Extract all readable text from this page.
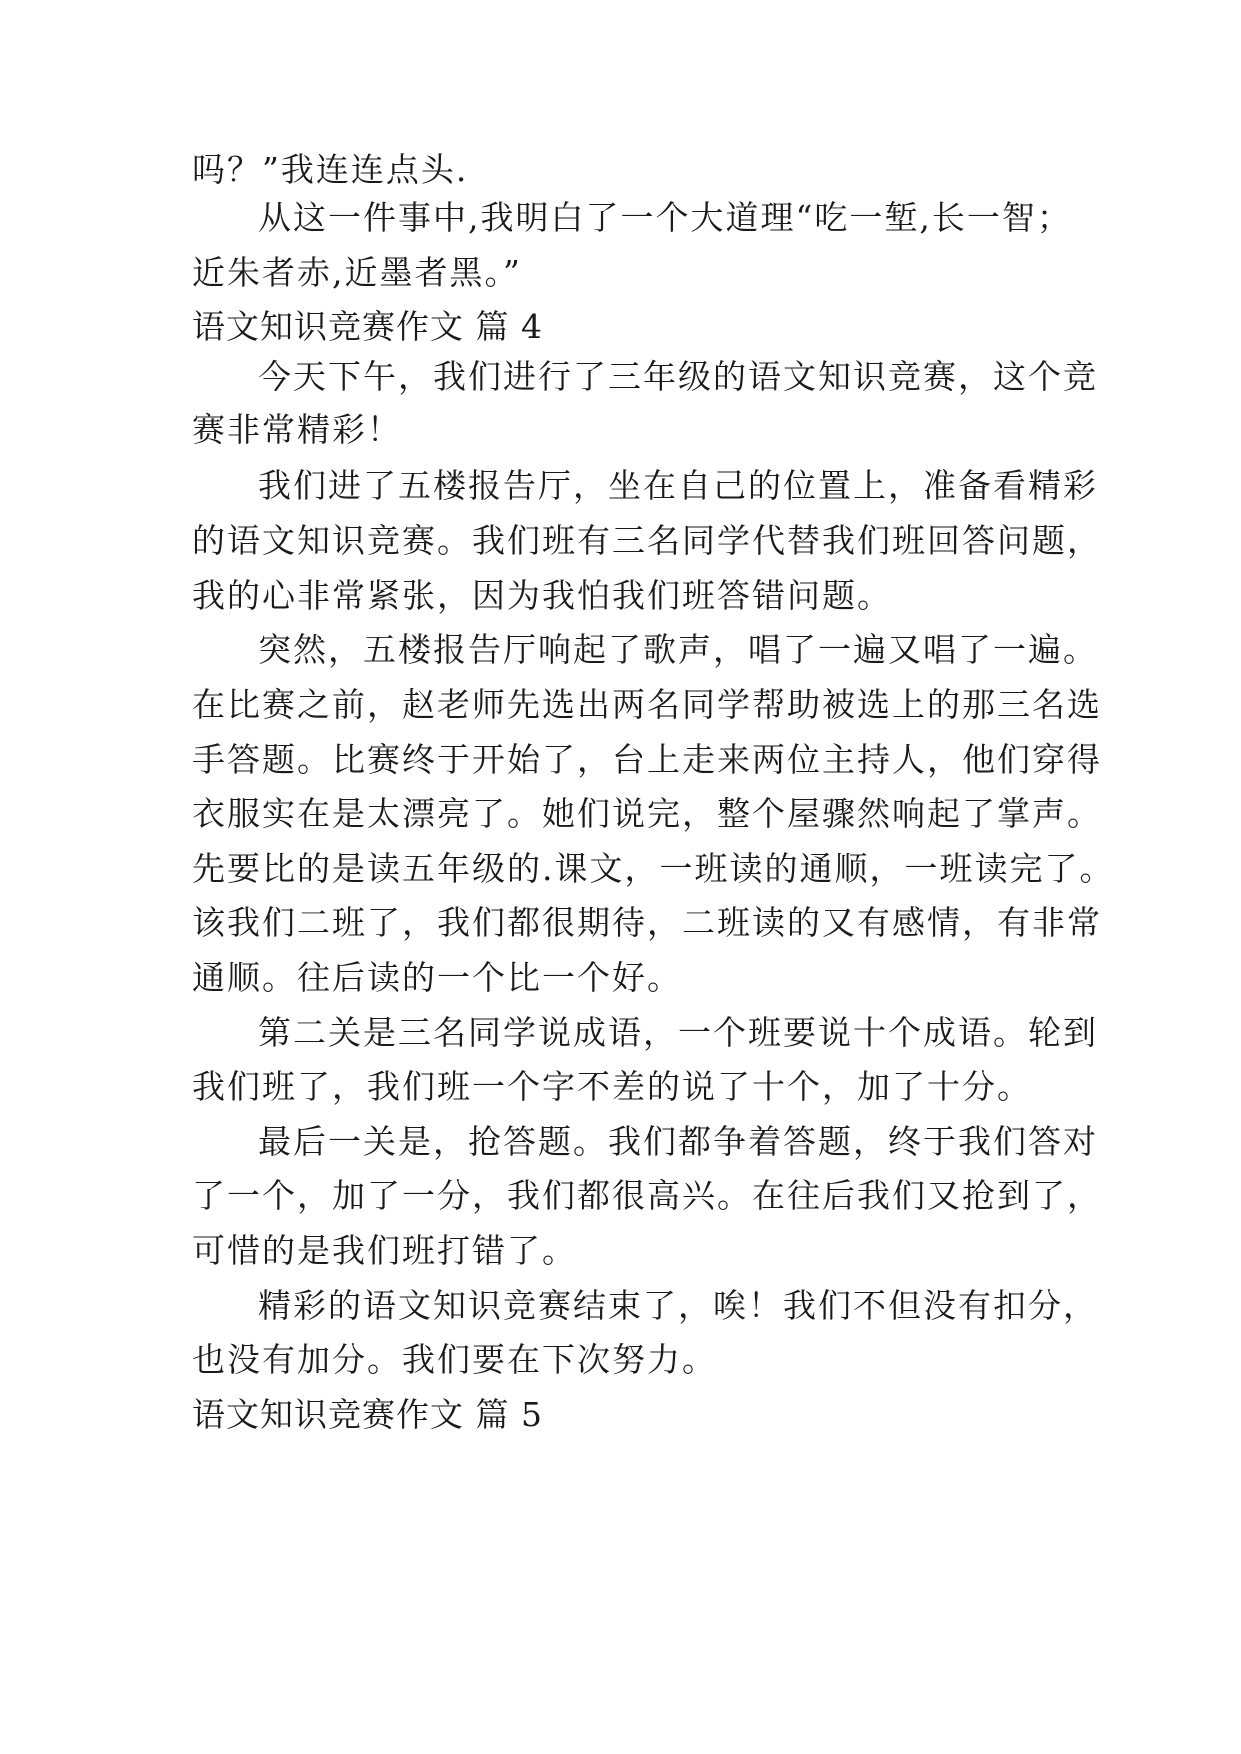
吗？”我连连点头.
从这一件事中,我明白了一个大道理“吃一堑,长一智；
近朱者赤,近墨者黑。”
语文知识竞赛作文 篇 4
今天下午，我们进行了三年级的语文知识竞赛，这个竞
赛非常精彩！
我们进了五楼报告厅，坐在自己的位置上，准备看精彩
的语文知识竞赛。我们班有三名同学代替我们班回答问题，
我的心非常紧张，因为我怕我们班答错问题。
突然，五楼报告厅响起了歌声，唱了一遍又唱了一遍。
在比赛之前，赵老师先选出两名同学帮助被选上的那三名选
手答题。比赛终于开始了，台上走来两位主持人，他们穿得
衣服实在是太漂亮了。她们说完，整个屋骤然响起了掌声。
先要比的是读五年级的.课文，一班读的通顺，一班读完了。
该我们二班了，我们都很期待，二班读的又有感情，有非常
通顺。往后读的一个比一个好。
第二关是三名同学说成语，一个班要说十个成语。轮到
我们班了，我们班一个字不差的说了十个，加了十分。
最后一关是，抢答题。我们都争着答题，终于我们答对
了一个，加了一分，我们都很高兴。在往后我们又抢到了，
可惜的是我们班打错了。
精彩的语文知识竞赛结束了，唉！我们不但没有扣分，
也没有加分。我们要在下次努力。
语文知识竞赛作文 篇 5
